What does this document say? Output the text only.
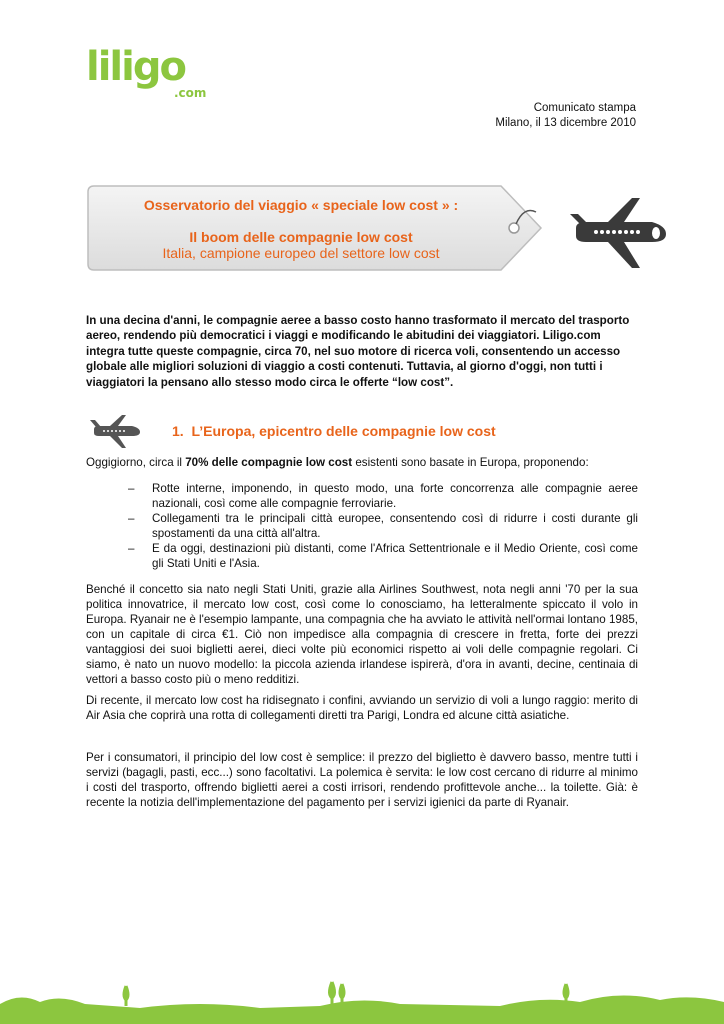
liligo
.com
Comunicato stampa
Milano, il 13 dicembre 2010
Osservatorio del viaggio « speciale low cost » :
Il boom delle compagnie low cost
Italia, campione europeo del settore low cost
In una decina d'anni, le compagnie aeree a basso costo hanno trasformato il mercato del trasporto aereo, rendendo più democratici i viaggi e modificando le abitudini dei viaggiatori. Liligo.com integra tutte queste compagnie, circa 70, nel suo motore di ricerca voli, consentendo un accesso globale alle migliori soluzioni di viaggio a costi contenuti. Tuttavia, al giorno d'oggi, non tutti i viaggiatori la pensano allo stesso modo circa le offerte “low cost”.
1. L’Europa, epicentro delle compagnie low cost
Oggigiorno, circa il 70% delle compagnie low cost esistenti sono basate in Europa, proponendo:
– Rotte interne, imponendo, in questo modo, una forte concorrenza alle compagnie aeree nazionali, così come alle compagnie ferroviarie.
– Collegamenti tra le principali città europee, consentendo così di ridurre i costi durante gli spostamenti da una città all'altra.
– E da oggi, destinazioni più distanti, come l'Africa Settentrionale e il Medio Oriente, così come gli Stati Uniti e l'Asia.
Benché il concetto sia nato negli Stati Uniti, grazie alla Airlines Southwest, nota negli anni '70 per la sua politica innovatrice, il mercato low cost, così come lo conosciamo, ha letteralmente spiccato il volo in Europa. Ryanair ne è l'esempio lampante, una compagnia che ha avviato le attività nell'ormai lontano 1985, con un capitale di circa €1. Ciò non impedisce alla compagnia di crescere in fretta, forte dei prezzi vantaggiosi dei suoi biglietti aerei, dieci volte più economici rispetto ai voli delle compagnie regolari. Ci siamo, è nato un nuovo modello: la piccola azienda irlandese ispirerà, d'ora in avanti, decine, centinaia di vettori a basso costo più o meno redditizi.
Di recente, il mercato low cost ha ridisegnato i confini, avviando un servizio di voli a lungo raggio: merito di Air Asia che coprirà una rotta di collegamenti diretti tra Parigi, Londra ed alcune città asiatiche.
Per i consumatori, il principio del low cost è semplice: il prezzo del biglietto è davvero basso, mentre tutti i servizi (bagagli, pasti, ecc...) sono facoltativi. La polemica è servita: le low cost cercano di ridurre al minimo i costi del trasporto, offrendo biglietti aerei a costi irrisori, rendendo profittevole anche... la toilette. Già: è recente la notizia dell'implementazione del pagamento per i servizi igienici da parte di Ryanair.
